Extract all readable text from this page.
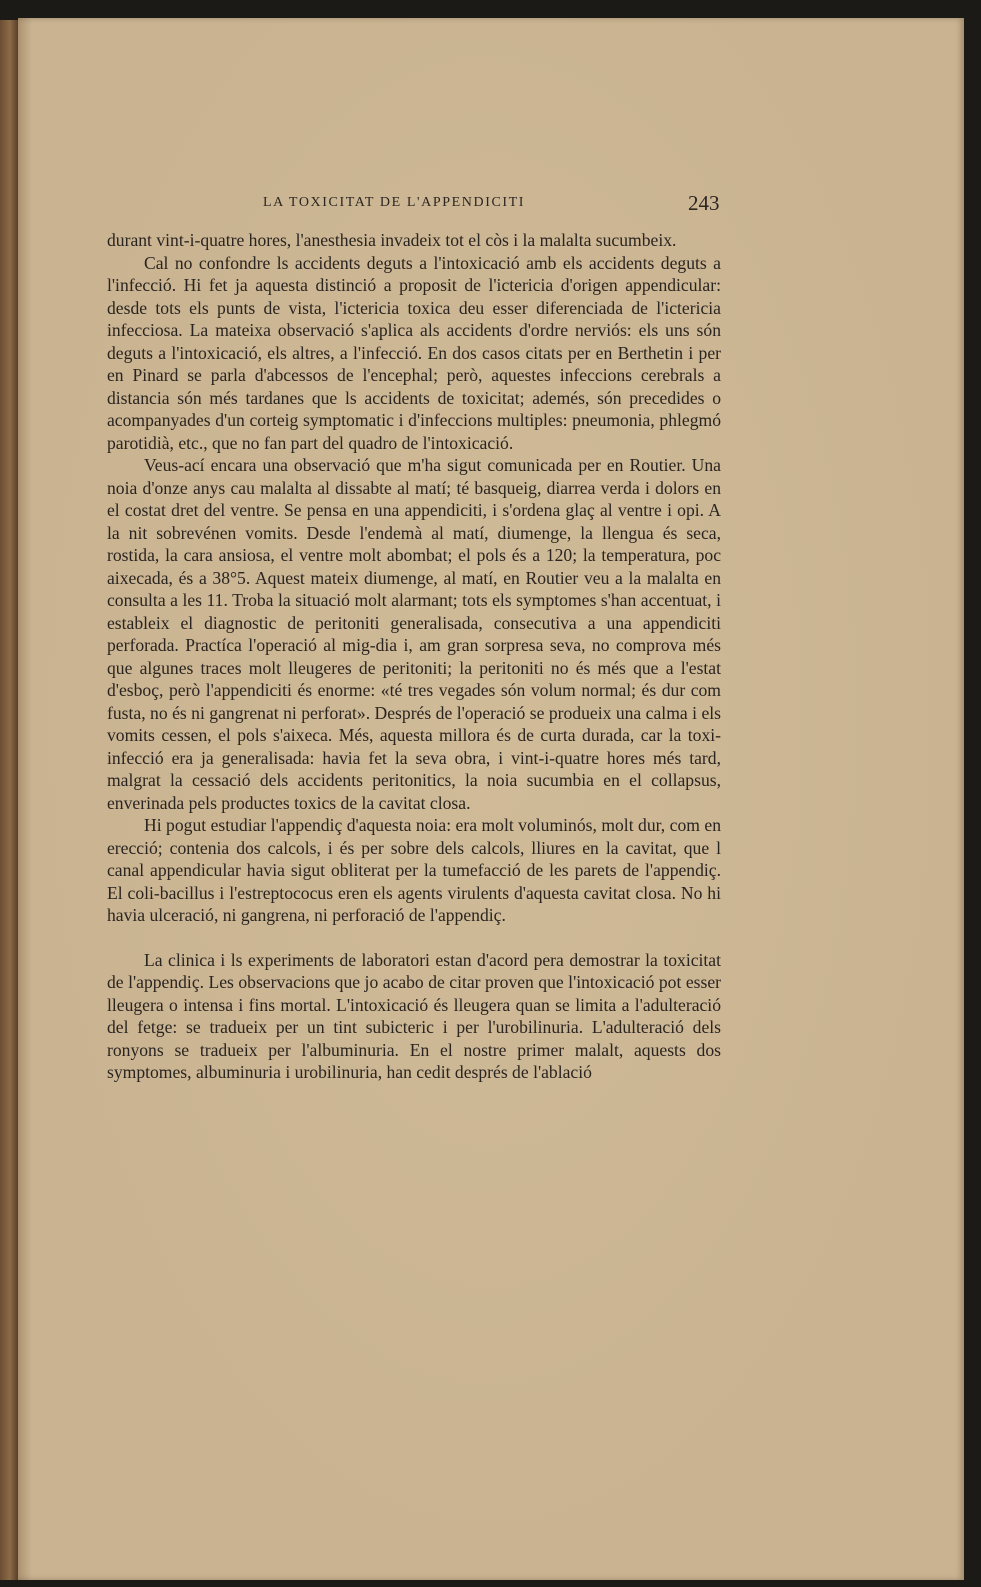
LA TOXICITAT DE L'APPENDICITI	243

durant vint-i-quatre hores, l'anesthesia invadeix tot el còs i la malalta sucumbeix.

Cal no confondre ls accidents deguts a l'intoxicació amb els accidents deguts a l'infecció. Hi fet ja aquesta distinció a proposit de l'ictericia d'origen appendicular: desde tots els punts de vista, l'ictericia toxica deu esser diferenciada de l'ictericia infecciosa. La mateixa observació s'aplica als accidents d'ordre nerviós: els uns són deguts a l'intoxicació, els altres, a l'infecció. En dos casos citats per en Berthetin i per en Pinard se parla d'abcessos de l'encephal; però, aquestes infeccions cerebrals a distancia són més tardanes que ls accidents de toxicitat; ademés, són precedides o acompanyades d'un corteig symptomatic i d'infeccions multiples: pneumonia, phlegmó parotidià, etc., que no fan part del quadro de l'intoxicació.

Veus-ací encara una observació que m'ha sigut comunicada per en Routier. Una noia d'onze anys cau malalta al dissabte al matí; té basqueig, diarrea verda i dolors en el costat dret del ventre. Se pensa en una appendiciti, i s'ordena glaç al ventre i opi. A la nit sobrevénen vomits. Desde l'endemà al matí, diumenge, la llengua és seca, rostida, la cara ansiosa, el ventre molt abombat; el pols és a 120; la temperatura, poc aixecada, és a 38°5. Aquest mateix diumenge, al matí, en Routier veu a la malalta en consulta a les 11. Troba la situació molt alarmant; tots els symptomes s'han accentuat, i estableix el diagnostic de peritoniti generalisada, consecutiva a una appendiciti perforada. Practíca l'operació al mig-dia i, am gran sorpresa seva, no comprova més que algunes traces molt lleugeres de peritoniti; la peritoniti no és més que a l'estat d'esboç, però l'appendiciti és enorme: «té tres vegades són volum normal; és dur com fusta, no és ni gangrenat ni perforat». Després de l'operació se produeix una calma i els vomits cessen, el pols s'aixeca. Més, aquesta millora és de curta durada, car la toxi-infecció era ja generalisada: havia fet la seva obra, i vint-i-quatre hores més tard, malgrat la cessació dels accidents peritonitics, la noia sucumbia en el collapsus, enverinada pels productes toxics de la cavitat closa.

Hi pogut estudiar l'appendiç d'aquesta noia: era molt voluminós, molt dur, com en erecció; contenia dos calcols, i és per sobre dels calcols, lliures en la cavitat, que l canal appendicular havia sigut obliterat per la tumefacció de les parets de l'appendiç. El coli-bacillus i l'estreptococus eren els agents virulents d'aquesta cavitat closa. No hi havia ulceració, ni gangrena, ni perforació de l'appendiç.

La clinica i ls experiments de laboratori estan d'acord pera demostrar la toxicitat de l'appendiç. Les observacions que jo acabo de citar proven que l'intoxicació pot esser lleugera o intensa i fins mortal. L'intoxicació és lleugera quan se limita a l'adulteració del fetge: se tradueix per un tint subicteric i per l'urobilinuria. L'adulteració dels ronyons se tradueix per l'albuminuria. En el nostre primer malalt, aquests dos symptomes, albuminuria i urobilinuria, han cedit després de l'ablació
